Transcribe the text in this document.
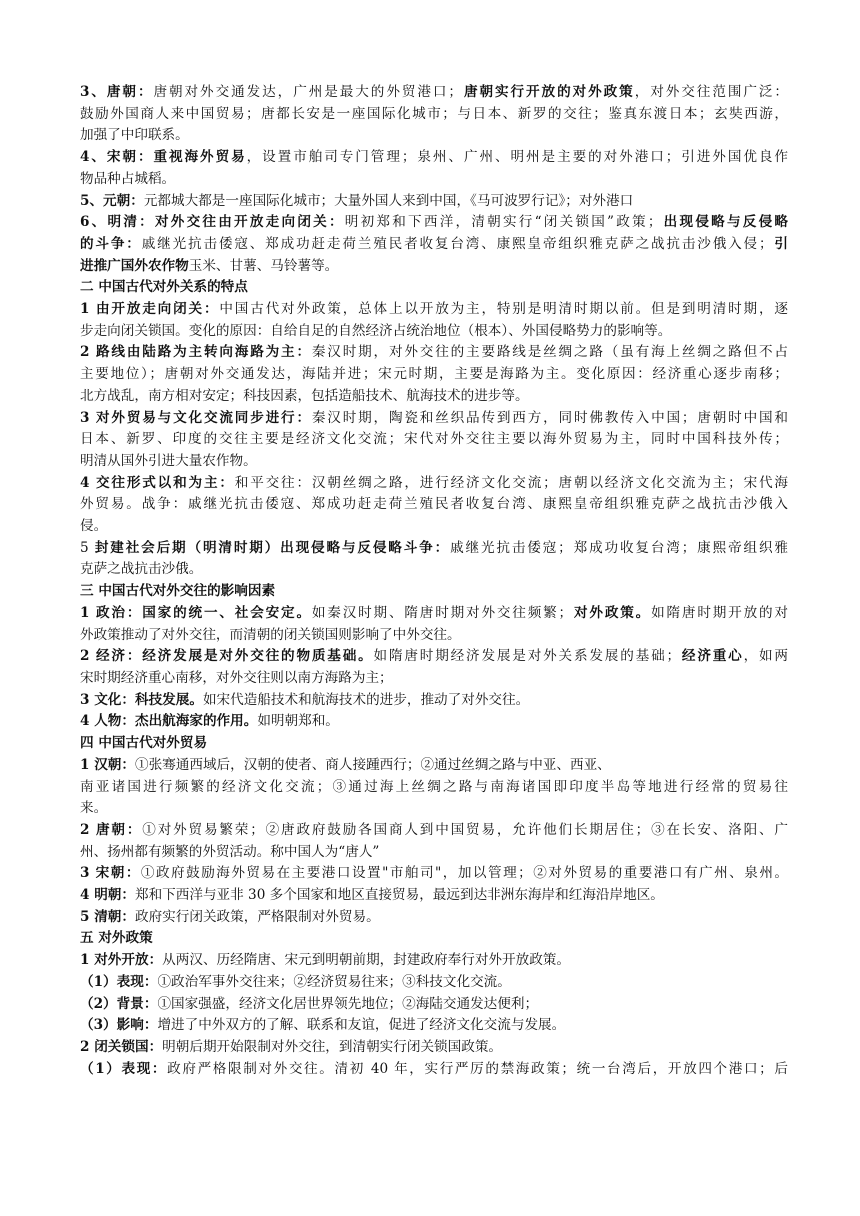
3、唐朝：唐朝对外交通发达，广州是最大的外贸港口；唐朝实行开放的对外政策，对外交往范围广泛：
鼓励外国商人来中国贸易；唐都长安是一座国际化城市；与日本、新罗的交往；鉴真东渡日本；玄奘西游，
加强了中印联系。
4、宋朝：重视海外贸易，设置市舶司专门管理；泉州、广州、明州是主要的对外港口；引进外国优良作
物品种占城稻。
5、元朝：元都城大都是一座国际化城市；大量外国人来到中国，《马可波罗行记》；对外港口
6、明清：对外交往由开放走向闭关：明初郑和下西洋，清朝实行“闭关锁国”政策；出现侵略与反侵略
的斗争：戚继光抗击倭寇、郑成功赶走荷兰殖民者收复台湾、康熙皇帝组织雅克萨之战抗击沙俄入侵；引
进推广国外农作物玉米、甘薯、马铃薯等。
二 中国古代对外关系的特点
1 由开放走向闭关：中国古代对外政策，总体上以开放为主，特别是明清时期以前。但是到明清时期，逐
步走向闭关锁国。变化的原因：自给自足的自然经济占统治地位（根本）、外国侵略势力的影响等。
2 路线由陆路为主转向海路为主：秦汉时期，对外交往的主要路线是丝绸之路（虽有海上丝绸之路但不占
主要地位）；唐朝对外交通发达，海陆并进；宋元时期，主要是海路为主。变化原因：经济重心逐步南移；
北方战乱，南方相对安定；科技因素，包括造船技术、航海技术的进步等。
3 对外贸易与文化交流同步进行：秦汉时期，陶瓷和丝织品传到西方，同时佛教传入中国；唐朝时中国和
日本、新罗、印度的交往主要是经济文化交流；宋代对外交往主要以海外贸易为主，同时中国科技外传；
明清从国外引进大量农作物。
4 交往形式以和为主：和平交往：汉朝丝绸之路，进行经济文化交流；唐朝以经济文化交流为主；宋代海
外贸易。战争：戚继光抗击倭寇、郑成功赶走荷兰殖民者收复台湾、康熙皇帝组织雅克萨之战抗击沙俄入
侵。
5 封建社会后期（明清时期）出现侵略与反侵略斗争：戚继光抗击倭寇；郑成功收复台湾；康熙帝组织雅
克萨之战抗击沙俄。
三 中国古代对外交往的影响因素
1 政治：国家的统一、社会安定。如秦汉时期、隋唐时期对外交往频繁；对外政策。如隋唐时期开放的对
外政策推动了对外交往，而清朝的闭关锁国则影响了中外交往。
2 经济：经济发展是对外交往的物质基础。如隋唐时期经济发展是对外关系发展的基础；经济重心，如两
宋时期经济重心南移，对外交往则以南方海路为主；
3 文化：科技发展。如宋代造船技术和航海技术的进步，推动了对外交往。
4 人物：杰出航海家的作用。如明朝郑和。
四 中国古代对外贸易
1 汉朝：①张骞通西域后，汉朝的使者、商人接踵西行；②通过丝绸之路与中亚、西亚、
南亚诸国进行频繁的经济文化交流；③通过海上丝绸之路与南海诸国即印度半岛等地进行经常的贸易往
来。
2 唐朝：①对外贸易繁荣；②唐政府鼓励各国商人到中国贸易，允许他们长期居住；③在长安、洛阳、广
州、扬州都有频繁的外贸活动。称中国人为“唐人”
3 宋朝：①政府鼓励海外贸易在主要港口设置"市舶司"，加以管理；②对外贸易的重要港口有广州、泉州。
4 明朝：郑和下西洋与亚非 30 多个国家和地区直接贸易，最远到达非洲东海岸和红海沿岸地区。
5 清朝：政府实行闭关政策，严格限制对外贸易。
五 对外政策
1 对外开放：从两汉、历经隋唐、宋元到明朝前期，封建政府奉行对外开放政策。
（1）表现：①政治军事外交往来；②经济贸易往来；③科技文化交流。
（2）背景：①国家强盛，经济文化居世界领先地位；②海陆交通发达便利；
（3）影响：增进了中外双方的了解、联系和友谊，促进了经济文化交流与发展。
2 闭关锁国：明朝后期开始限制对外交往，到清朝实行闭关锁国政策。
（1）表现：政府严格限制对外交往。清初 40 年，实行严厉的禁海政策；统一台湾后，开放四个港口；后
